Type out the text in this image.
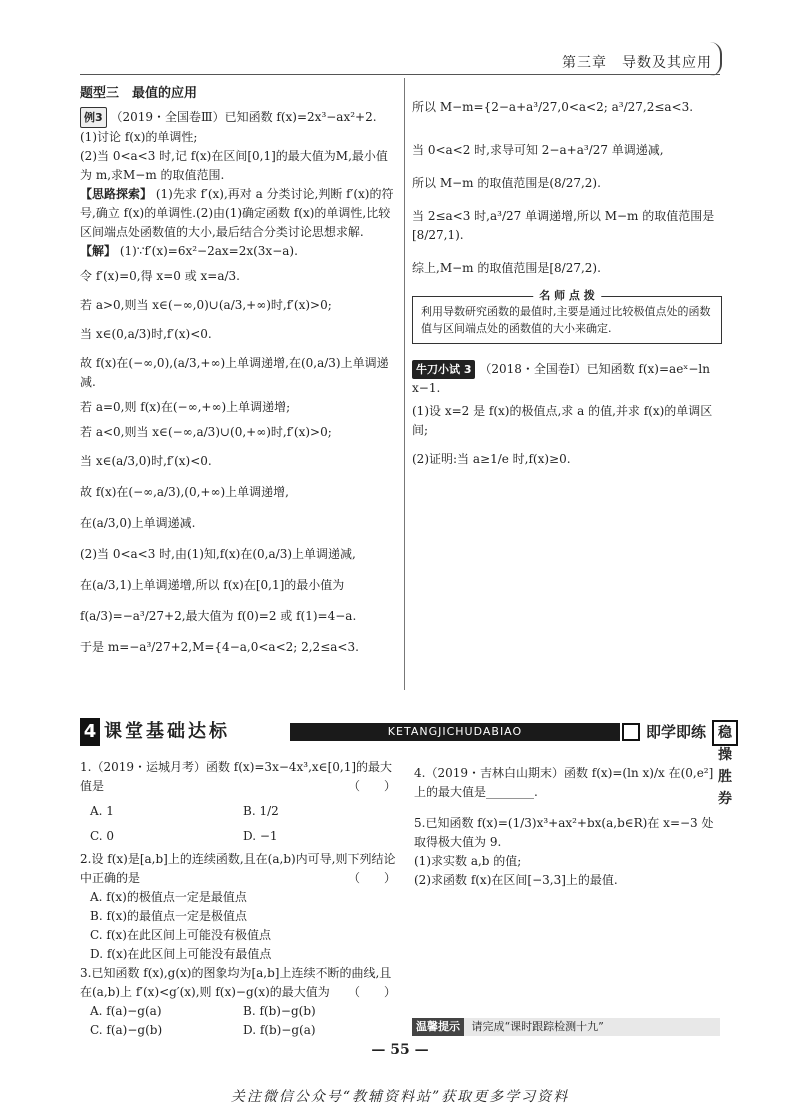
第三章　导数及其应用

题型三　最值的应用

例3 （2019・全国卷Ⅲ）已知函数 f(x)=2x³−ax²+2.

(1)讨论 f(x)的单调性;

(2)当 0<a<3 时,记 f(x)在区间[0,1]的最大值为M,最小值为 m,求M−m 的取值范围.

【思路探索】 (1)先求 f′(x),再对 a 分类讨论,判断 f′(x)的符号,确立 f(x)的单调性.(2)由(1)确定函数 f(x)的单调性,比较区间端点处函数值的大小,最后结合分类讨论思想求解.

【解】 (1)∵f′(x)=6x²−2ax=2x(3x−a).

令 f′(x)=0,得 x=0 或 x=a/3.

若 a>0,则当 x∈(−∞,0)∪(a/3,+∞)时,f′(x)>0;

当 x∈(0,a/3)时,f′(x)<0.

故 f(x)在(−∞,0),(a/3,+∞)上单调递增,在(0,a/3)上单调递减.

若 a=0,则 f(x)在(−∞,+∞)上单调递增;

若 a<0,则当 x∈(−∞,a/3)∪(0,+∞)时,f′(x)>0;

当 x∈(a/3,0)时,f′(x)<0.

故 f(x)在(−∞,a/3),(0,+∞)上单调递增,

在(a/3,0)上单调递减.

(2)当 0<a<3 时,由(1)知,f(x)在(0,a/3)上单调递减,

在(a/3,1)上单调递增,所以 f(x)在[0,1]的最小值为

f(a/3)=−a³/27+2,最大值为 f(0)=2 或 f(1)=4−a.

于是 m=−a³/27+2,M={4−a,0<a<2; 2,2≤a<3.

所以 M−m={2−a+a³/27,0<a<2; a³/27,2≤a<3.

当 0<a<2 时,求导可知 2−a+a³/27 单调递减,

所以 M−m 的取值范围是(8/27,2).

当 2≤a<3 时,a³/27 单调递增,所以 M−m 的取值范围是[8/27,1).

综上,M−m 的取值范围是[8/27,2).

名 师 点 拨
利用导数研究函数的最值时,主要是通过比较极值点处的函数值与区间端点处的函数值的大小来确定.

牛刀小试 3 （2018・全国卷Ⅰ）已知函数 f(x)=aeˣ−ln x−1.

(1)设 x=2 是 f(x)的极值点,求 a 的值,并求 f(x)的单调区间;

(2)证明:当 a≥1/e 时,f(x)≥0.

4 课堂基础达标	KETANGJICHUDABIAO	即学即练 稳操胜券

1.（2019・运城月考）函数 f(x)=3x−4x³,x∈[0,1]的最大值是	（　　）

A. 1	B. 1/2
C. 0	D. −1

2.设 f(x)是[a,b]上的连续函数,且在(a,b)内可导,则下列结论中正确的是	（　　）

A. f(x)的极值点一定是最值点

B. f(x)的最值点一定是极值点

C. f(x)在此区间上可能没有极值点

D. f(x)在此区间上可能没有最值点

3.已知函数 f(x),g(x)的图象均为[a,b]上连续不断的曲线,且在(a,b)上 f′(x)<g′(x),则 f(x)−g(x)的最大值为 （　　）

A. f(a)−g(a)	B. f(b)−g(b)
C. f(a)−g(b)	D. f(b)−g(a)

4.（2019・吉林白山期末）函数 f(x)=(ln x)/x 在(0,e²]上的最大值是________.

5.已知函数 f(x)=(1/3)x³+ax²+bx(a,b∈R)在 x=−3 处取得极大值为 9.

(1)求实数 a,b 的值;

(2)求函数 f(x)在区间[−3,3]上的最值.

温馨提示 请完成“课时跟踪检测十九”
— 55 —
关注微信公众号“教辅资料站”获取更多学习资料
